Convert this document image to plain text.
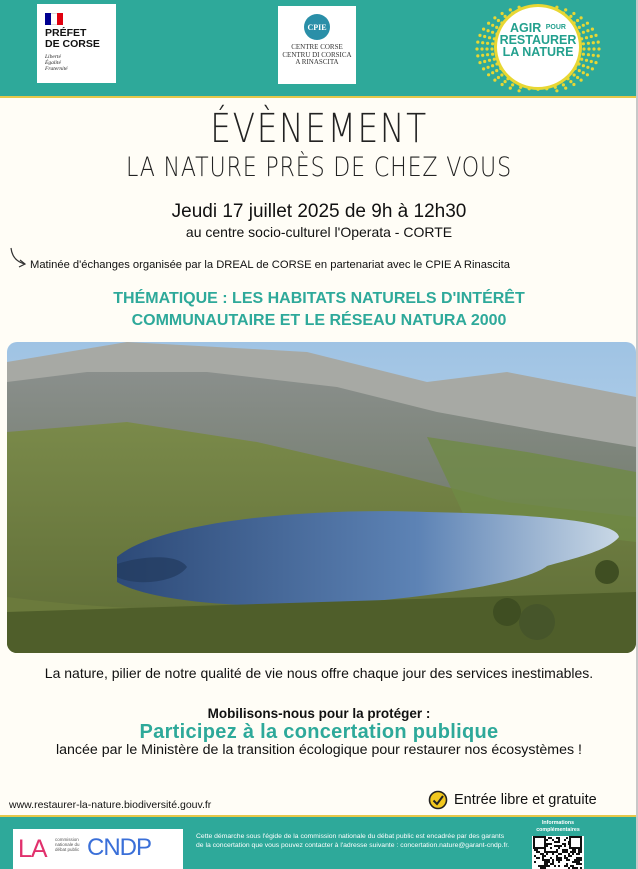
PRÉFET
DE CORSE
Liberté
Égalité
Fraternité
CPIE
CENTRE CORSE
CENTRU DI CORSICA
A RINASCITA
AGIR $^{POUR}$
RESTAURER
LA NATURE
ÉVÈNEMENT
LA NATURE PRÈS DE CHEZ VOUS
Jeudi 17 juillet 2025 de 9h à 12h30
au centre socio-culturel l'Operata - CORTE
Matinée d'échanges organisée par la DREAL de CORSE en partenariat avec le CPIE A Rinascita
THÉMATIQUE : LES HABITATS NATURELS D'INTÉRÊT
COMMUNAUTAIRE ET LE RÉSEAU NATURA 2000
La nature, pilier de notre qualité de vie nous offre chaque jour des services inestimables.
Mobilisons-nous pour la protéger :
Participez à la concertation publique
lancée par le Ministère de la transition écologique pour restaurer nos écosystèmes !
www.restaurer-la-nature.biodiversité.gouv.fr	Entrée libre et gratuite
LA commission
nationale du
débat public CNDP	Cette démarche sous l'égide de la commission nationale du débat public est encadrée par des garants de la concertation que vous pouvez contacter à l'adresse suivante : concertation.nature@garant-cndp.fr.
Informations
complémentaires
